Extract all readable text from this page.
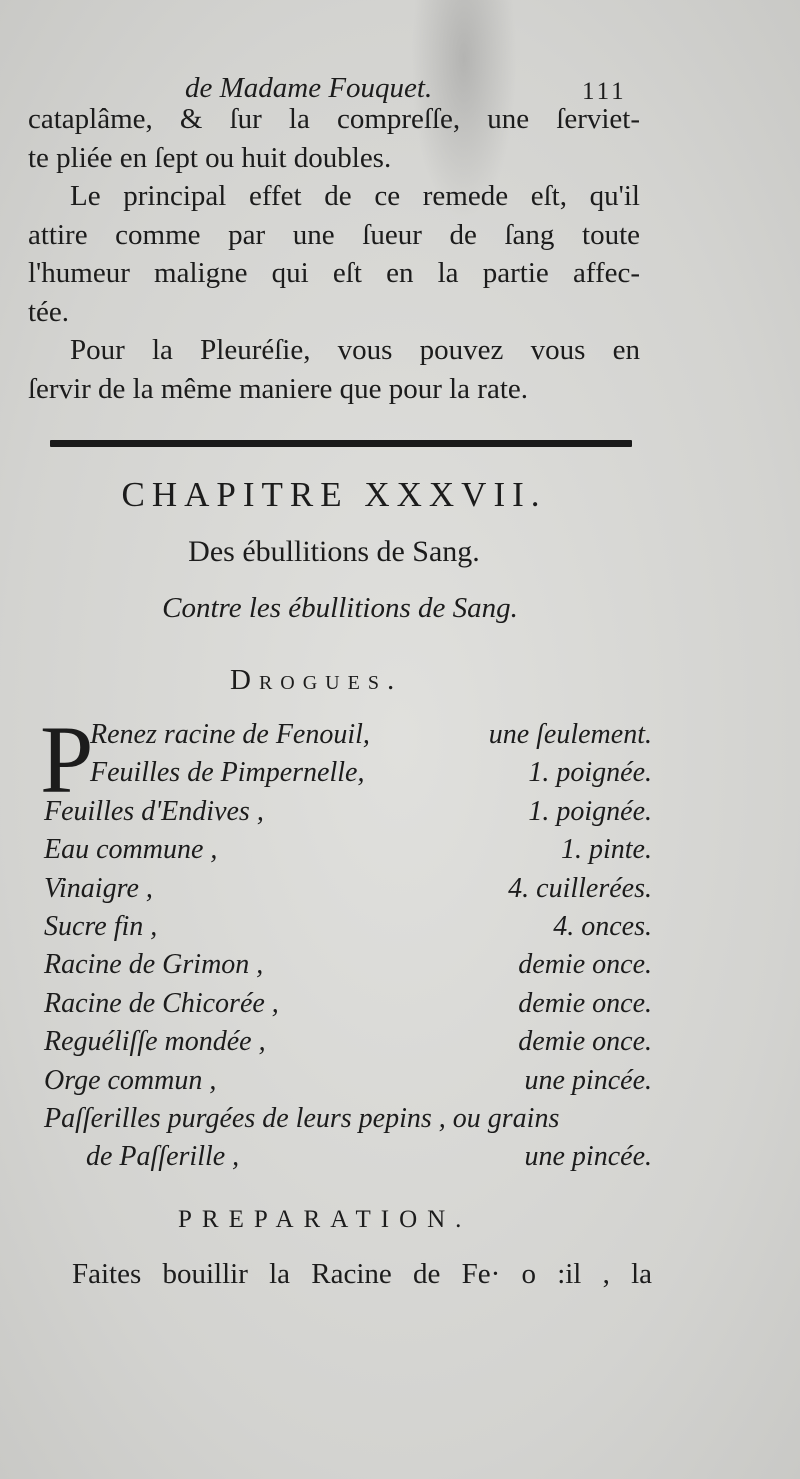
de Madame Fouquet.	111
cataplâme, & ſur la compreſſe, une ſerviet-
te pliée en ſept ou huit doubles.
Le principal effet de ce remede eſt, qu'il
attire comme par une ſueur de ſang toute
l'humeur maligne qui eſt en la partie affec-
tée.
Pour la Pleuréſie, vous pouvez vous en
ſervir de la même maniere que pour la rate.
CHAPITRE XXXVII.
Des ébullitions de Sang.
Contre les ébullitions de Sang.
Drogues.
P
Renez racine de Fenouil,	une ſeulement.
Feuilles de Pimpernelle,	1. poignée.
Feuilles d'Endives ,	1. poignée.
Eau commune ,	1. pinte.
Vinaigre ,	4. cuillerées.
Sucre fin ,	4. onces.
Racine de Grimon ,	demie once.
Racine de Chicorée ,	demie once.
Reguéliſſe mondée ,	demie once.
Orge commun ,	une pincée.
Paſſerilles purgées de leurs pepins , ou grains
de Paſſerille ,	une pincée.
PREPARATION.
Faites bouillir la Racine de Fe· o :il , la
